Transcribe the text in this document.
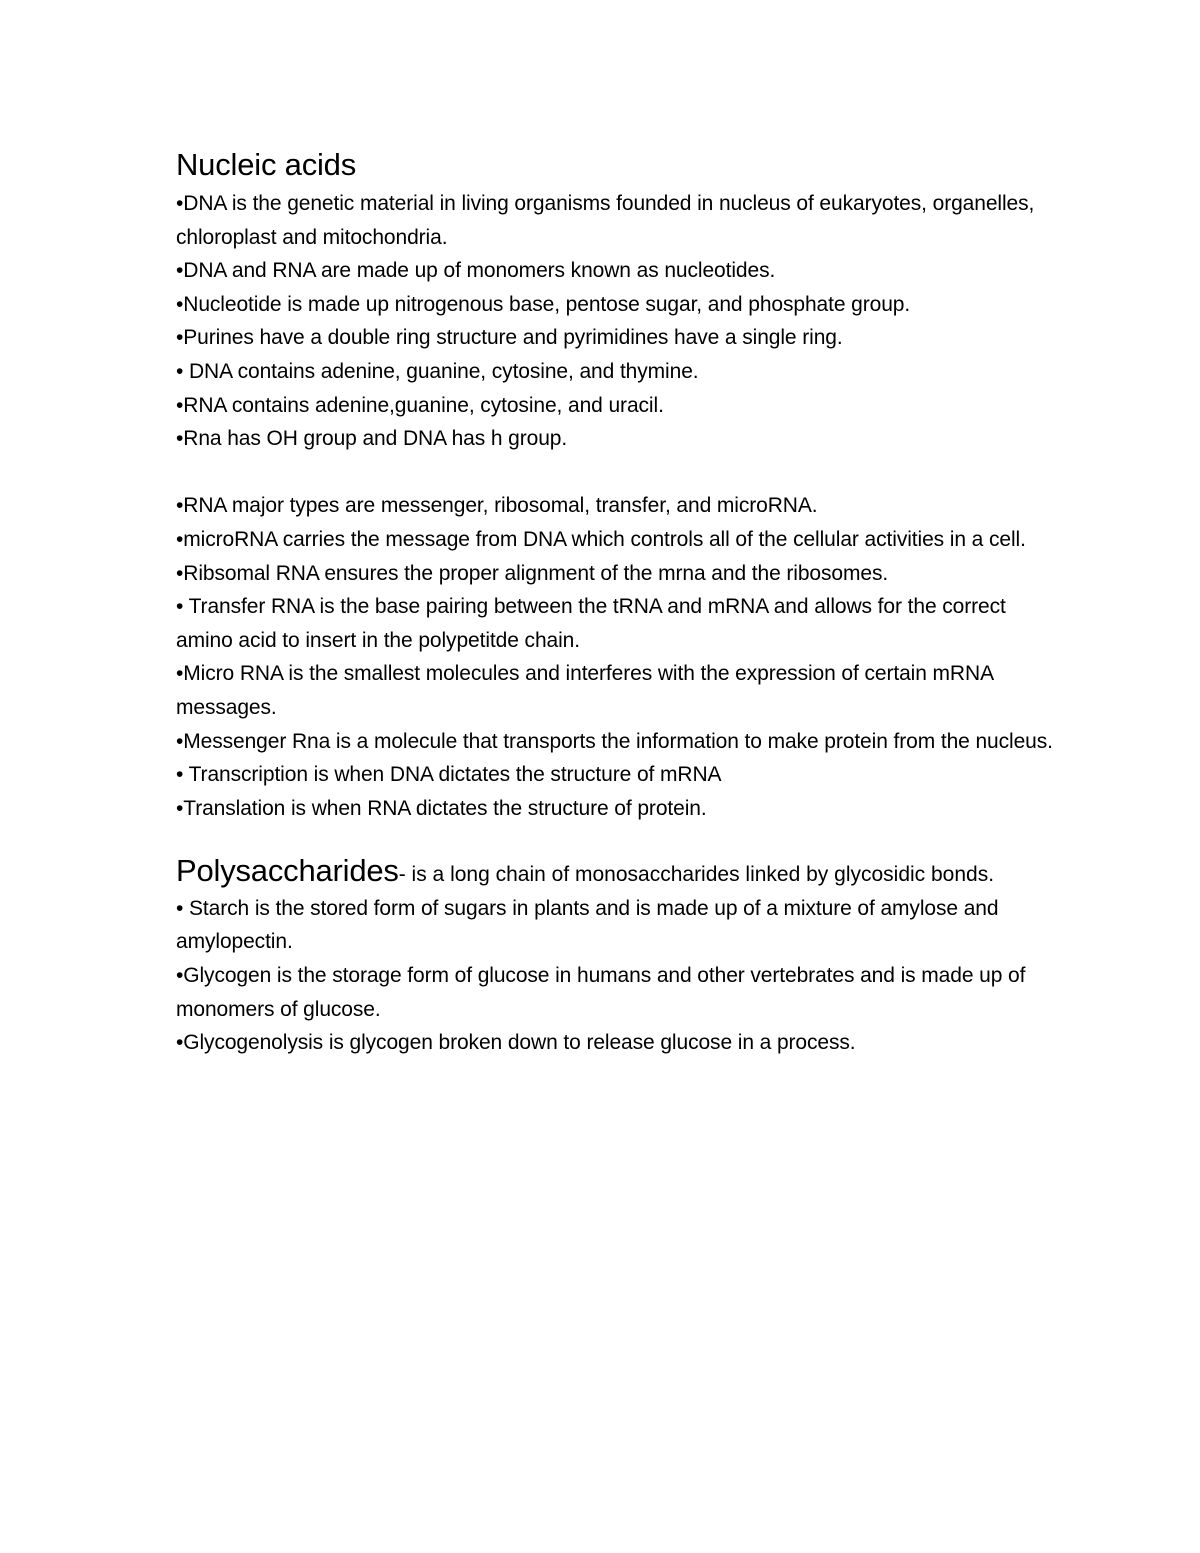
Nucleic acids

•DNA is the genetic material in living organisms founded in nucleus of eukaryotes, organelles, chloroplast and mitochondria.

•DNA and RNA are made up of monomers known as nucleotides.

•Nucleotide is made up nitrogenous base, pentose sugar, and phosphate group.

•Purines have a double ring structure and pyrimidines have a single ring.

• DNA contains adenine, guanine, cytosine, and thymine.

•RNA contains adenine,guanine, cytosine, and uracil.

•Rna has OH group and DNA has h group.

•RNA major types are messenger, ribosomal, transfer, and microRNA.

•microRNA carries the message from DNA which controls all of the cellular activities in a cell.

•Ribsomal RNA ensures the proper alignment of the mrna and the ribosomes.

• Transfer RNA is the base pairing between the tRNA and mRNA and allows for the correct amino acid to insert in the polypetitde chain.

•Micro RNA is the smallest molecules and interferes with the expression of certain mRNA messages.

•Messenger Rna is a molecule that transports the information to make protein from the nucleus.

• Transcription is when DNA dictates the structure of mRNA

•Translation is when RNA dictates the structure of protein.

Polysaccharides- is a long chain of monosaccharides linked by glycosidic bonds.

• Starch is the stored form of sugars in plants and is made up of a mixture of amylose and amylopectin.

•Glycogen is the storage form of glucose in humans and other vertebrates and is made up of monomers of glucose.

•Glycogenolysis is glycogen broken down to release glucose in a process.
